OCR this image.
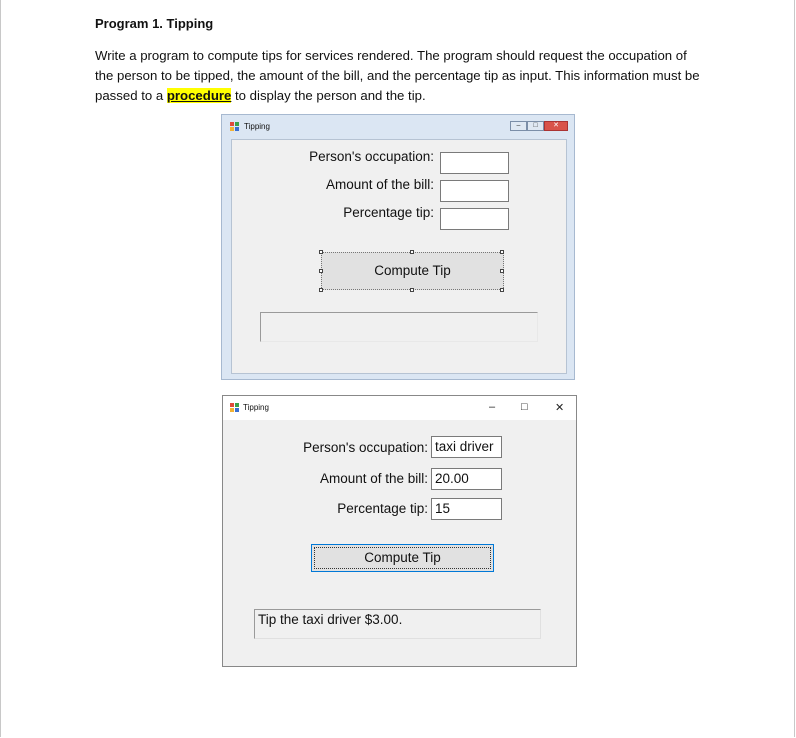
Program 1. Tipping
Write a program to compute tips for services rendered. The program should request the occupation of the person to be tipped, the amount of the bill, and the percentage tip as input. This information must be passed to a procedure to display the person and the tip.
Tipping	–	□	✕
Person's occupation:
Amount of the bill:
Percentage tip:
Compute Tip
Tipping	– □ ✕
Person's occupation: taxi driver
Amount of the bill: 20.00
Percentage tip: 15
Compute Tip
Tip the taxi driver $3.00.
